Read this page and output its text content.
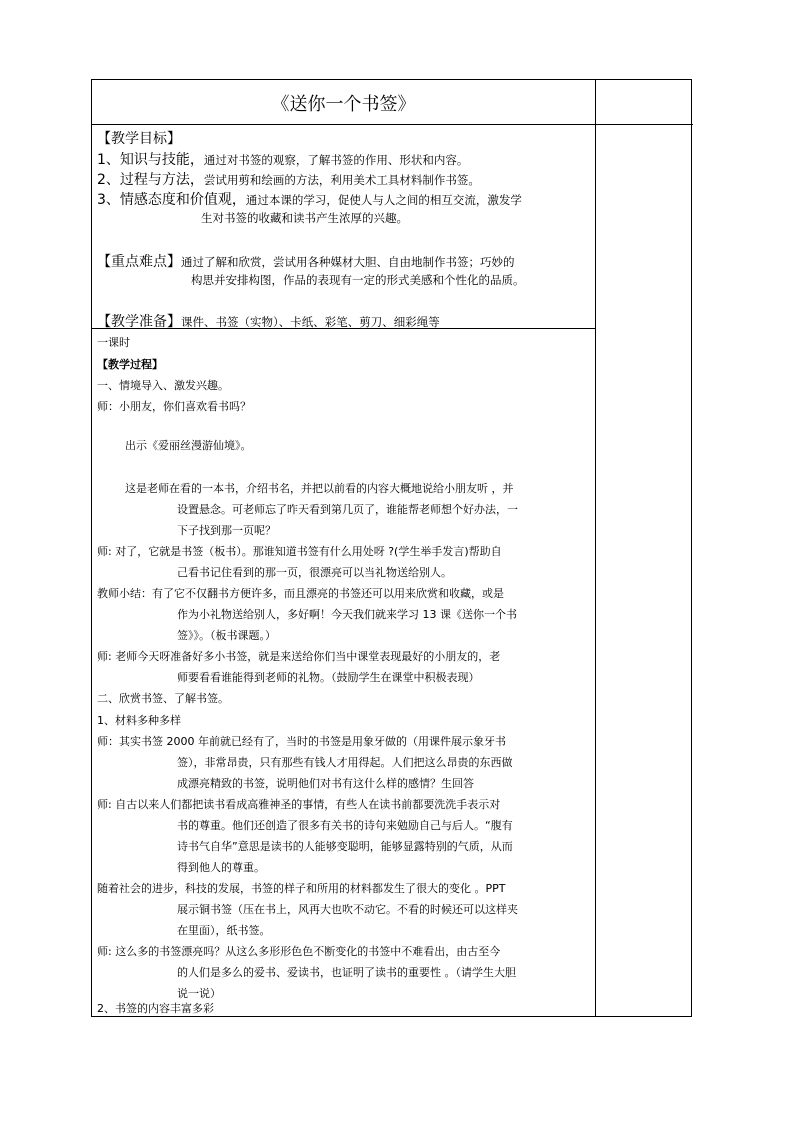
《送你一个书签》
【教学目标】
1、知识与技能，通过对书签的观察，了解书签的作用、形状和内容。
2、过程与方法，尝试用剪和绘画的方法，利用美术工具材料制作书签。
3、情感态度和价值观，通过本课的学习，促使人与人之间的相互交流，激发学
生对书签的收藏和读书产生浓厚的兴趣。
【重点难点】通过了解和欣赏，尝试用各种媒材大胆、自由地制作书签；巧妙的
构思并安排构图，作品的表现有一定的形式美感和个性化的品质。
【教学准备】课件、书签（实物）、卡纸、彩笔、剪刀、细彩绳等
一课时
【教学过程】
一、情境导入、激发兴趣。
师：小朋友，你们喜欢看书吗？
出示《爱丽丝漫游仙境》。
这是老师在看的一本书，介绍书名，并把以前看的内容大概地说给小朋友听 ，并
设置悬念。可老师忘了昨天看到第几页了，谁能帮老师想个好办法，一
下子找到那一页呢？
师: 对了，它就是书签（板书）。那谁知道书签有什么用处呀 ?(学生举手发言)帮助自
己看书记住看到的那一页，很漂亮可以当礼物送给别人。
教师小结：有了它不仅翻书方便许多，而且漂亮的书签还可以用来欣赏和收藏，或是
作为小礼物送给别人，多好啊！今天我们就来学习 13 课《送你一个书
签》》。（板书课题。）
师: 老师今天呀准备好多小书签，就是来送给你们当中课堂表现最好的小朋友的，老
师要看看谁能得到老师的礼物。（鼓励学生在课堂中积极表现）
二、欣赏书签、了解书签。
1、材料多种多样
师：其实书签 2000 年前就已经有了，当时的书签是用象牙做的（用课件展示象牙书
签），非常昂贵，只有那些有钱人才用得起。人们把这么昂贵的东西做
成漂亮精致的书签，说明他们对书有这什么样的感情？生回答
师: 自古以来人们都把读书看成高雅神圣的事情，有些人在读书前都要洗洗手表示对
书的尊重。他们还创造了很多有关书的诗句来勉励自己与后人。“腹有
诗书气自华”意思是读书的人能够变聪明，能够显露特别的气质，从而
得到他人的尊重。
随着社会的进步，科技的发展，书签的样子和所用的材料都发生了很大的变化 。PPT
展示铜书签（压在书上，风再大也吹不动它。不看的时候还可以这样夹
在里面），纸书签。
师: 这么多的书签漂亮吗？从这么多形形色色不断变化的书签中不难看出，由古至今
的人们是多么的爱书、爱读书，也证明了读书的重要性 。（请学生大胆
说一说）
2、书签的内容丰富多彩
